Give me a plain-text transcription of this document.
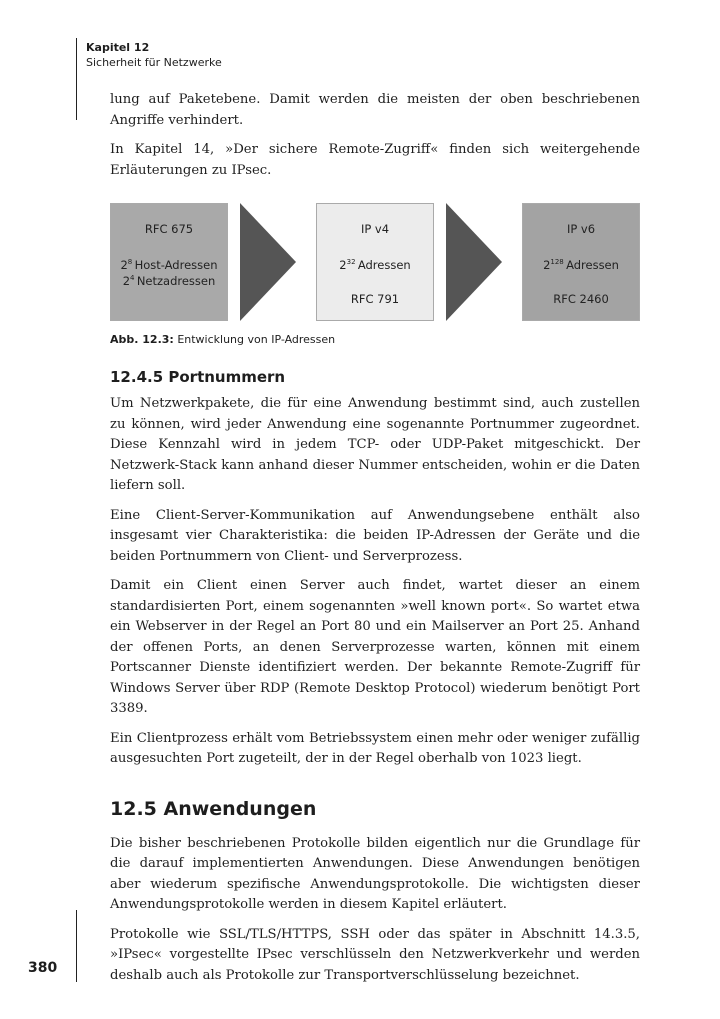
Kapitel 12
Sicherheit für Netzwerke

lung auf Paketebene. Damit werden die meisten der oben beschriebenen Angriffe verhindert.

In Kapitel 14, »Der sichere Remote-Zugriff« finden sich weitergehende Erläuterungen zu IPsec.

RFC 675
$2^8$  Host-Adressen
$2^4$  Netzadressen
IP v4
$2^{32}$  Adressen
RFC 791
IP v6
$2^{128}$  Adressen
RFC 2460
Abb. 12.3: Entwicklung von IP-Adressen
12.4.5 Portnummern

Um Netzwerkpakete, die für eine Anwendung bestimmt sind, auch zustellen zu können, wird jeder Anwendung eine sogenannte Portnummer zugeordnet. Diese Kennzahl wird in jedem TCP- oder UDP-Paket mitgeschickt. Der Netzwerk-Stack kann anhand dieser Nummer entscheiden, wohin er die Daten liefern soll.

Eine Client-Server-Kommunikation auf Anwendungsebene enthält also insgesamt vier Charakteristika: die beiden IP-Adressen der Geräte und die beiden Portnummern von Client- und Serverprozess.

Damit ein Client einen Server auch findet, wartet dieser an einem standardisierten Port, einem sogenannten »well known port«. So wartet etwa ein Webserver in der Regel an Port 80 und ein Mailserver an Port 25. Anhand der offenen Ports, an denen Serverprozesse warten, können mit einem Portscanner Dienste identifiziert werden. Der bekannte Remote-Zugriff für Windows Server über RDP (Remote Desktop Protocol) wiederum benötigt Port 3389.

Ein Clientprozess erhält vom Betriebssystem einen mehr oder weniger zufällig ausgesuchten Port zugeteilt, der in der Regel oberhalb von 1023 liegt.

12.5 Anwendungen

Die bisher beschriebenen Protokolle bilden eigentlich nur die Grundlage für die darauf implementierten Anwendungen. Diese Anwendungen benötigen aber wiederum spezifische Anwendungsprotokolle. Die wichtigsten dieser Anwendungsprotokolle werden in diesem Kapitel erläutert.

Protokolle wie SSL/TLS/HTTPS, SSH oder das später in Abschnitt 14.3.5, »IPsec« vorgestellte IPsec verschlüsseln den Netzwerkverkehr und werden deshalb auch als Protokolle zur Transportverschlüsselung bezeichnet.

380
